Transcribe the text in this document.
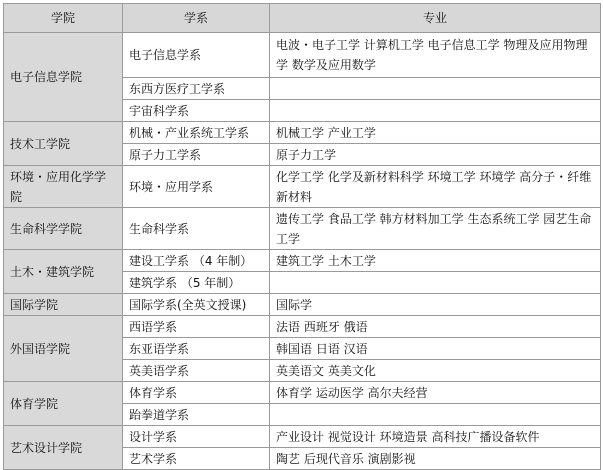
学院	学系	专业
电子信息学院	电子信息学系	电波・电子工学 计算机工学 电子信息工学 物理及应用物理学 数学及应用数学
	东西方医疗工学系	
	宇宙科学系	
技术工学院	机械・产业系统工学系	机械工学 产业工学
	原子力工学系	原子力工学
环境・应用化学学院	环境・应用学系	化学工学 化学及新材料科学 环境工学 环境学 高分子・纤维新材料
生命科学学院	生命科学系	遗传工学 食品工学 韩方材料加工学 生态系统工学 园艺生命工学
土木・建筑学院	建设工学系 （4 年制）	建筑工学 土木工学
	建筑学系 （5 年制）	
国际学院	国际学系(全英文授课)	国际学
外国语学院	西语学系	法语 西班牙 俄语
	东亚语学系	韩国语 日语 汉语
	英美语学系	英美语文 英美文化
体育学院	体育学系	体育学 运动医学 高尔夫经营
	跆拳道学系	
艺术设计学院	设计学系	产业设计 视觉设计 环境造景 高科技广播设备软件
	艺术学系	陶艺 后现代音乐 演剧影视
